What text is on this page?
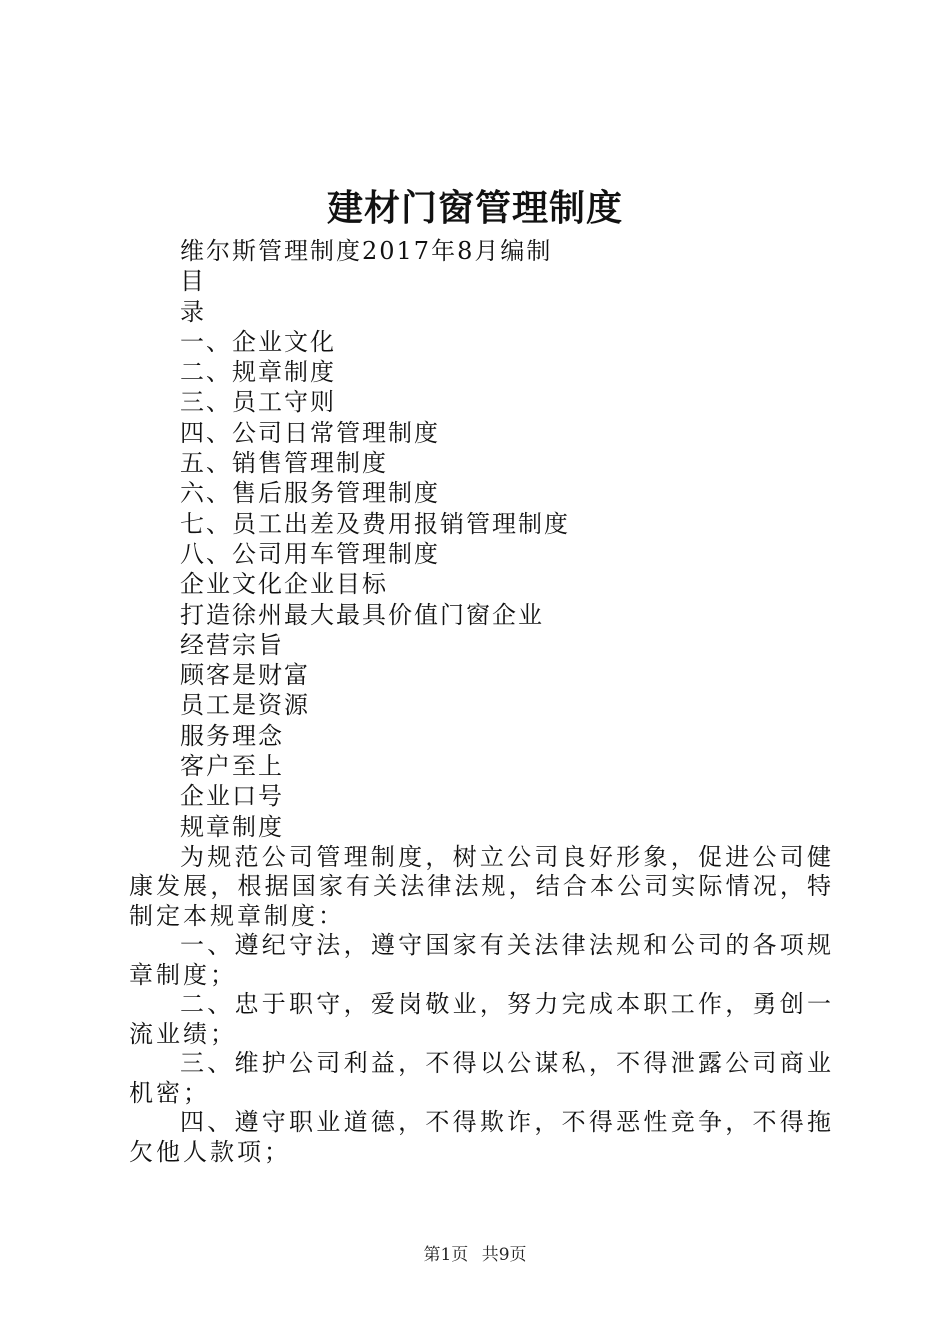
建材门窗管理制度
维尔斯管理制度2017年8月编制
目
录
一、企业文化
二、规章制度
三、员工守则
四、公司日常管理制度
五、销售管理制度
六、售后服务管理制度
七、员工出差及费用报销管理制度
八、公司用车管理制度
企业文化企业目标
打造徐州最大最具价值门窗企业
经营宗旨
顾客是财富
员工是资源
服务理念
客户至上
企业口号
规章制度

为规范公司管理制度，树立公司良好形象，促进公司健康发展，根据国家有关法律法规，结合本公司实际情况，特制定本规章制度：

一、遵纪守法，遵守国家有关法律法规和公司的各项规章制度；

二、忠于职守，爱岗敬业，努力完成本职工作，勇创一流业绩；

三、维护公司利益，不得以公谋私，不得泄露公司商业机密；

四、遵守职业道德，不得欺诈，不得恶性竞争，不得拖欠他人款项；

第1页 共9页
